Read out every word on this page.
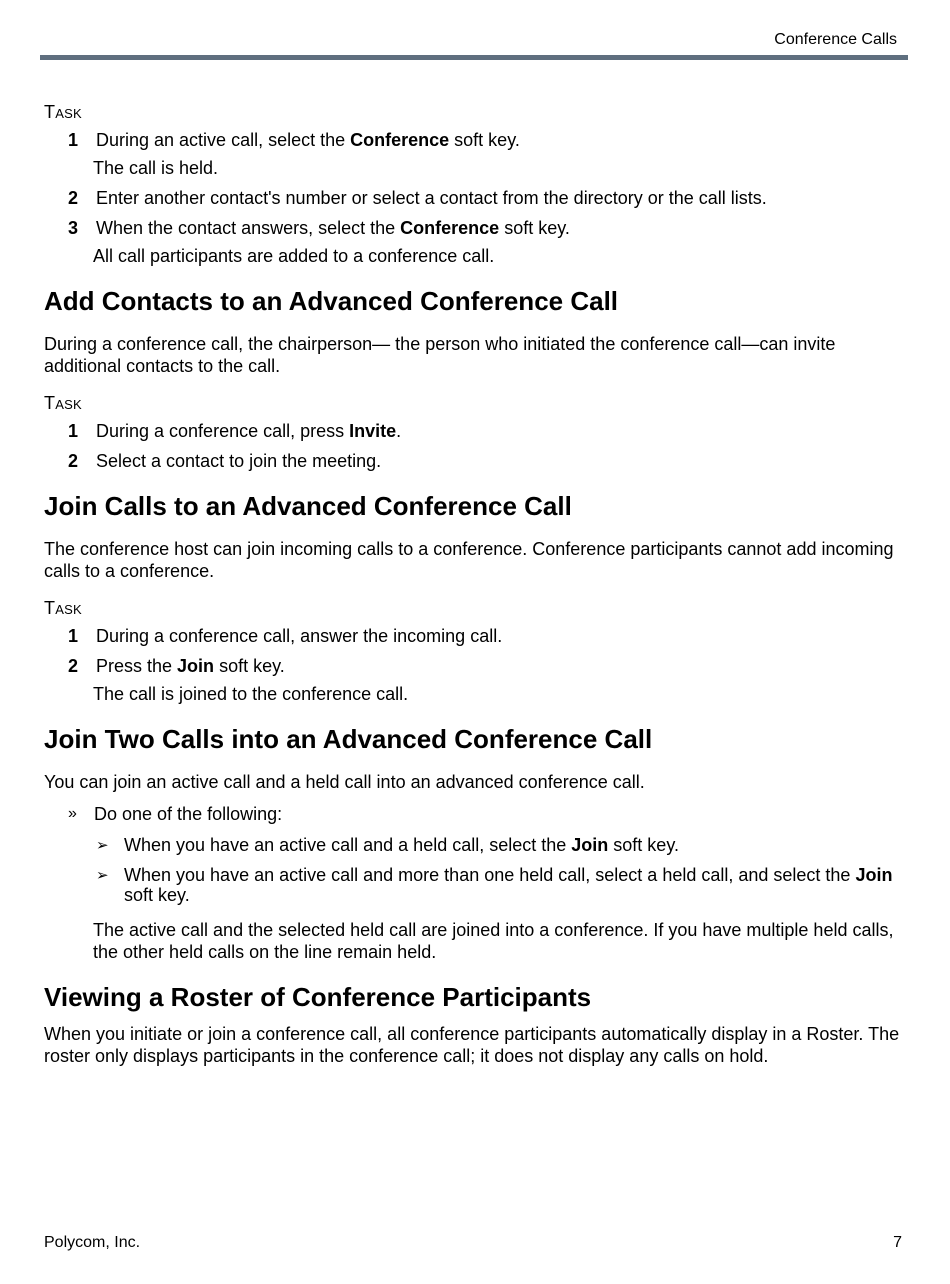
Conference Calls
TASK
1 During an active call, select the Conference soft key.
The call is held.
2 Enter another contact's number or select a contact from the directory or the call lists.
3 When the contact answers, select the Conference soft key.
All call participants are added to a conference call.
Add Contacts to an Advanced Conference Call

During a conference call, the chairperson— the person who initiated the conference call—can invite additional contacts to the call.

TASK
1 During a conference call, press Invite.
2 Select a contact to join the meeting.
Join Calls to an Advanced Conference Call

The conference host can join incoming calls to a conference. Conference participants cannot add incoming calls to a conference.

TASK
1 During a conference call, answer the incoming call.
2 Press the Join soft key.
The call is joined to the conference call.
Join Two Calls into an Advanced Conference Call

You can join an active call and a held call into an advanced conference call.

» Do one of the following:
➢ When you have an active call and a held call, select the Join soft key.
➢ When you have an active call and more than one held call, select a held call, and select the Join soft key.

The active call and the selected held call are joined into a conference. If you have multiple held calls, the other held calls on the line remain held.

Viewing a Roster of Conference Participants

When you initiate or join a conference call, all conference participants automatically display in a Roster. The roster only displays participants in the conference call; it does not display any calls on hold.

Polycom, Inc.	7
